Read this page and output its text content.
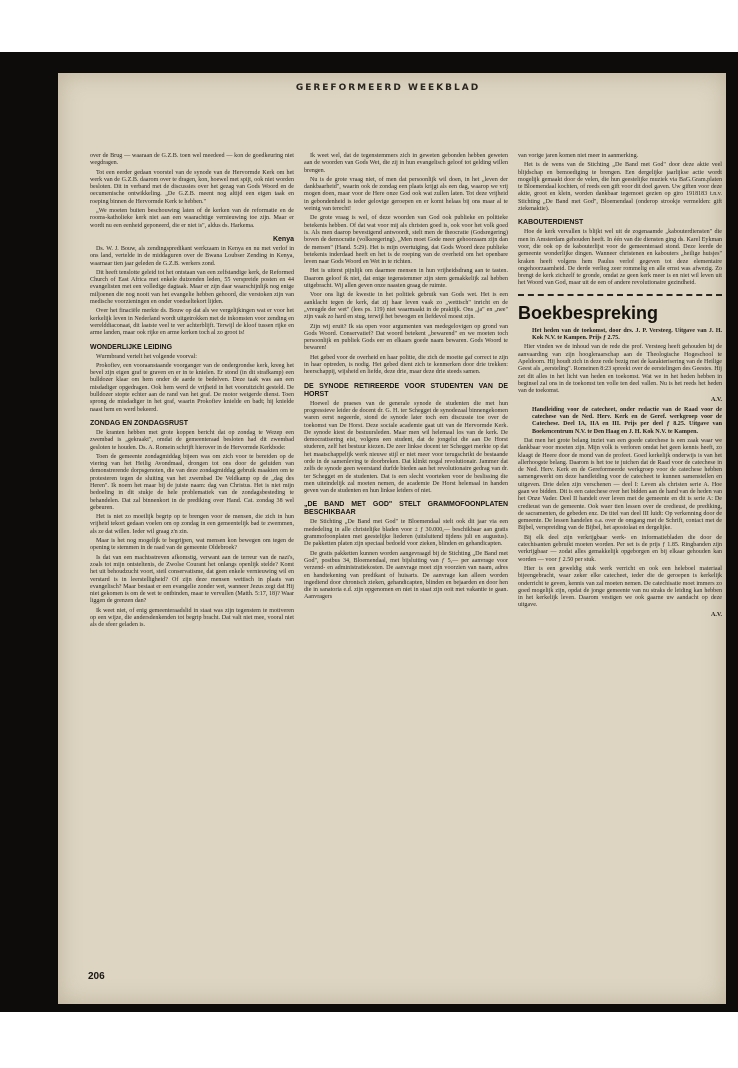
GEREFORMEERD WEEKBLAD

over de Brug — waaraan de G.Z.B. toen wel meedeed — kon de goedkeuring niet wegdragen.

Tot een eerder gedaan voorstel van de synode van de Hervormde Kerk om het werk van de G.Z.B. daarom over te dragen, kon, hoewel met spijt, ook niet worden besloten. Dit in verband met de discussies over het gezag van Gods Woord en de oecumenische ontwikkeling. „De G.Z.B. meent nog altijd een eigen taak en roeping binnen de Hervormde Kerk te hebben."

„We moeten buiten beschouwing laten of de kerken van de reformatie en de rooms-katholieke kerk niet aan een waarachtige vernieuwing toe zijn. Maar er wordt nu een eenheid geponeerd, die er niet is", aldus ds. Harkema.

Kenya

Ds. W. J. Bouw, als zendingspredikant werkzaam in Kenya en nu met verlof in ons land, vertelde in de middaguren over de Bwana Loubser Zending in Kenya, waarnaar tien jaar geleden de G.Z.B. werkers zond.

Dit heeft tenslotte geleid tot het ontstaan van een zelfstandige kerk, de Reformed Church of East Africa met enkele duizenden leden, 55 verspreide posten en 44 evangelisten met een volledige dagtaak. Maar er zijn daar waarschijnlijk nog enige miljoenen die nog nooit van het evangelie hebben gehoord, die verstoken zijn van medische voorzieningen en onder voedseltekort lijden.

Over het finaciële merkte ds. Bouw op dat als we vergelijkingen wat er voor het kerkelijk leven in Nederland wordt uitgetrokken met de inkomsten voor zending en werelddiaconaat, dit laatste veel te ver achterblijft. Terwijl de kloof tussen rijke en arme landen, maar ook rijke en arme kerken toch al zo groot is!

WONDERLIJKE LEIDING

Wurmbrand vertelt het volgende voorval:

Prokofiev, een vooraanstaande voorganger van de ondergrondse kerk, kreeg het bevel zijn eigen graf te graven en er in te knielen. Er stond (in dit strafkamp) een bulldozer klaar om hem onder de aarde te bedelven. Deze taak was aan een misdadiger opgedragen. Ook hem werd de vrijheid in het vooruitzicht gesteld. De bulldozer stopte echter aan de rand van het graf. De motor weigerde dienst. Toen sprong de misdadiger in het graf, waarin Prokofiev knielde en badt; hij knielde naast hem en werd bekeerd.

ZONDAG EN ZONDAGSRUST

De kranten hebben met grote koppen bericht dat op zondag te Wezep een zwembad is „gekraakt", omdat de gemeenteraad besloten had dit zwembad gesloten te houden. Ds. A. Romein schrijft hierover in de Hervormde Kerkbode:

Toen de gemeente zondagmiddag bijeen was om zich voor te bereiden op de viering van het Heilig Avondmaal, drongen tot ons door de geluiden van demonstrerende dorpsgenoten, die van deze zondagmiddag gebruik maakten om te protesteren tegen de sluiting van het zwembad De Veldkamp op de „dag des Heren". Ik noem het maar bij de juiste naam: dag van Christus. Het is niet mijn bedoeling in dit stukje de hele problematiek van de zondagsbesteding te behandelen. Dat zal binnenkort in de prediking over Hand. Cat. zondag 38 wel gebeuren.

Het is niet zo moeilijk begrip op te brengen voor de mensen, die zich in hun vrijheid tekort gedaan voelen om op zondag in een gemeentelijk bad te zwemmen, als ze dat willen. Ieder wil graag z'n zin.

Maar is het nog mogelijk te begrijpen, wat mensen kon bewegen om tegen de opening te stemmen in de raad van de gemeente Oldebroek?

Is dat van een machtsstreven afkomstig, verwant aan de terreur van de nazi's, zoals tot mijn ontsteltenis, de Zwolse Courant het onlangs openlijk stelde? Komt het uit behoudzucht voort, steil conservatisme, dat geen enkele vernieuwing wil en verstard is in leerstelligheid? Of zijn deze mensen wettisch in plaats van evangelisch? Maar bestaat er een evangelie zonder wet, wanneer Jezus zegt dat Hij niet gekomen is om de wet te ontbinden, maar te vervullen (Matth. 5:17, 18)? Waar liggen de grenzen dan?

Ik weet niet, of enig gemeenteraadslid in staat was zijn tegenstem te motiveren op een wijze, die andersdenkenden tot begrip bracht. Dat valt niet mee, vooral niet als de sfeer geladen is.

Ik weet wel, dat de tegenstemmers zich in geweten gebonden hebben geweten aan de woorden van Gods Wet, die zij in hun evangelisch geloof tot gelding willen brengen.

Nu is de grote vraag niet, of men dat persoonlijk wil doen, in het „leven der dankbaarheid", waarin ook de zondag een plaats krijgt als een dag, waarop we vrij mogen doen, maar voor de Here onze God ook wat zullen laten. Tot deze vrijheid in gebondenheid is ieder gelovige geroepen en er komt helaas bij ons maar al te weinig van terecht!

De grote vraag is wel, of deze woorden van God ook publieke en politieke betekenis hebben. Of dat wat voor mij als christen goed is, ook voor het volk goed is. Als men daarop bevestigend antwoordt, stelt men de theocratie (Godsregering) boven de democratie (volksregering). „Men moet Gode meer gehoorzaam zijn dan de mensen" (Hand. 5:29). Het is mijn overtuiging, dat Gods Woord deze publieke betekenis inderdaad heeft en het is de roeping van de overheid om het openbare leven naar Gods Woord en Wet in te richten.

Het is uiterst pijnlijk om daarmee mensen in hun vrijheidsdrang aan te tasten. Daarom geloof ik niet, dat enige tegenstemmer zijn stem gemakkelijk zal hebben uitgebracht. Wij allen geven onze naasten graag de ruimte.

Voor ons ligt de kwestie in het politiek gebruik van Gods wet. Het is een aanklacht tegen de kerk, dat zij haar leven vaak zo „wettisch" inricht en de „vreugde der wet" (lees ps. 119) niet waarmaakt in de praktijk. Ons „ja" en „nee" zijn vaak zo hard en stug, terwijl het bewogen en liefdevol moest zijn.

Zijn wij eruit? Ik sta open voor argumenten van medegelovigen op grond van Gods Woord. Conservatief? Dat woord betekent „bewarend" en we moeten toch persoonlijk en publiek Gods eer en elkaars goede naam bewaren. Gods Woord te bewaren!

Het gebed voor de overheid en haar politie, die zich de moeite gaf correct te zijn in haar optreden, is nodig. Het gebed dient zich te kenmerken door drie trekken: heerschappij, wijsheid en liefde, deze drie, maar deze drie steeds samen.

DE SYNODE RETIREERDE VOOR STUDENTEN VAN DE HORST

Hoewel de praeses van de generale synode de studenten die met hun progressieve leider de docent dr. G. H. ter Schegget de synodezaal binnengekomen waren eerst negeerde, stond de synode later toch een discussie toe over de toekomst van De Horst. Deze sociale academie gaat uit van de Hervormde Kerk. De synode kiest de bestuursleden. Maar men wil helemaal los van de kerk. De democratisering eist, volgens een student, dat de jongelui die aan De Horst studeren, zelf het bestuur kiezen. De zeer linkse docent ter Schegget merkte op dat het maatschappelijk werk nieuwe stijl er niet meer voor terugschrikt de bestaande orde in de samenleving te doorbreken. Dat klinkt nogal revolutionair. Jammer dat zelfs de synode geen weerstand durfde bieden aan het revolutionaire gedrag van dr. ter Schegget en de studenten. Dat is een slecht voorteken voor de beslissing die men uiteindelijk zal moeten nemen, de academie De Horst helemaal in handen geven van de studenten en hun linkse leiders of niet.

„DE BAND MET GOD" STELT GRAMMOFOONPLATEN BESCHIKBAAR

De Stichting „De Band met God" te Bloemendaal stelt ook dit jaar via een mededeling in alle christelijke bladen voor ± ƒ 30.000,— beschikbaar aan gratis grammofoonplaten met geestelijke liederen (uitsluitend tijdens juli en augustus). De pakketten platen zijn speciaal bedoeld voor zieken, blinden en gehandicapten.

De gratis pakketten kunnen worden aangevraagd bij de Stichting „De Band met God", postbus 34, Bloemendaal, met bijsluiting van ƒ 5,— per aanvrage voor verzend- en administratiekosten. De aanvrage moet zijn voorzien van naam, adres en handtekening van predikant of huisarts. De aanvrage kan alleen worden ingediend door chronisch zieken, gehandicapten, blinden en bejaarden en door hen die in sanatoria e.d. zijn opgenomen en niet in staat zijn ooit met vakantie te gaan. Aanvragers

van vorige jaren komen niet meer in aanmerking.

Het is de wens van de Stichting „De Band met God" door deze aktie veel blijdschap en bemoediging te brengen. Een dergelijke jaarlijkse actie wordt mogelijk gemaakt door de velen, die hun geestelijke muziek via BaG.Gram.platen te Bloemendaal kochten, of reeds een gift voor dit doel gaven. Uw giften voor deze aktie, groot en klein, worden dankbaar tegemoet gezien op giro 1918183 t.n.v. Stichting „De Band met God", Bloemendaal (onderop strookje vermelden: gift ziekenaktie).

KABOUTERDIENST

Hoe de kerk vervallen is blijkt wel uit de zogenaamde „kabouterdiensten" die men in Amsterdam gehouden heeft. In één van die diensten ging ds. Karel Eykman voor, die ook op de kabouterlijst voor de gemeenteraad stond. Deze leerde de gemeente wonderlijke dingen. Wanneer christenen en kabouters „heilige huisjes" kraken heeft volgens hem Paulus verlof gegeven tot deze elementaire ongehoorzaamheid. De derde verlieg zeer rommelig en alle ernst was afwezig. Zo brengt de kerk zichzelf te gronde, omdat ze geen kerk meer is en niet wil leven uit het Woord van God, maar uit de een of andere revolutionaire gezindheid.

Boekbespreking

Het heden van de toekomst, door drs. J. P. Versteeg. Uitgave van J. H. Kok N.V. te Kampen. Prijs ƒ 2.75.

Hier vinden we de inhoud van de rede die prof. Versteeg heeft gehouden bij de aanvaarding van zijn hoogleraarschap aan de Theologische Hogeschool te Apeldoorn. Hij houdt zich in deze rede bezig met de karakterisering van de Heilige Geest als „eersteling". Romeinen 8:23 spreekt over de eerstelingen des Geestes. Hij zet dit alles in het licht van heden en toekomst. Wat we in het heden hebben in beginsel zal ons in de toekomst ten volle ten deel vallen. Nu is het reeds het heden van de toekomst.

A.V.

Handleiding voor de catecheet, onder redactie van de Raad voor de catechese van de Ned. Herv. Kerk en de Geref. werkgroep voor de Catechese. Deel IA, IIA en III. Prijs per deel ƒ 8.25. Uitgave van Boekencentrum N.V. te Den Haag en J. H. Kok N.V. te Kampen.

Dat men het grote belang inziet van een goede catechese is een zaak waar we dankbaar voor moeten zijn. Mijn volk is verloren omdat het geen kennis heeft, zo klaagt de Heere door de mond van de profeet. Goed kerkelijk onderwijs is van het allerhoogste belang. Daarom is het toe te juichen dat de Raad voor de catechese in de Ned. Herv. Kerk en de Gereformeerde werkgroep voor de catechese hebben samengewerkt om deze handleiding voor de catecheet te kunnen samenstellen en uitgeven. Drie delen zijn verschenen — deel I: Leven als christen serie A. Hoe gaan we bidden. Dit is een catechese over het bidden aan de hand van de heden van het Onze Vader. Deel II handelt over leven met de gemeente en dit is serie A: De credieust van de gemeente. Ook waer tien lessen over de credieust, de prediking, de sacramenten, de gebeden enz. De titel van deel III luidt: Op verkenning door de gemeente. De lessen handelen o.a. over de omgang met de Schrift, contact met de Bijbel, verspreiding van de Bijbel, het apostolaat en dergelijke.

Bij elk deel zijn verkrijgbaar werk- en informatiebladen die door de catechisanten gebruikt moeten worden. Per set is de prijs ƒ 1.85. Ringbanden zijn verkrijgbaar — zodat alles gemakkelijk opgeborgen en bij elkaar gehouden kan worden — voor ƒ 2.50 per stuk.

Hier is een geweldig stuk werk verricht en ook een heleboel materiaal bijeengebracht, waar zeker elke catecheet, ieder die de geroepen is kerkelijk onderricht te geven, kennis van zal moeten nemen. De catechisatie moet immers zo goed mogelijk zijn, opdat de jonge gemeente van nu straks de leiding kan hebben in het kerkelijk leven. Daarom vestigen we ook gaarne uw aandacht op deze uitgave.

A.V.

206
